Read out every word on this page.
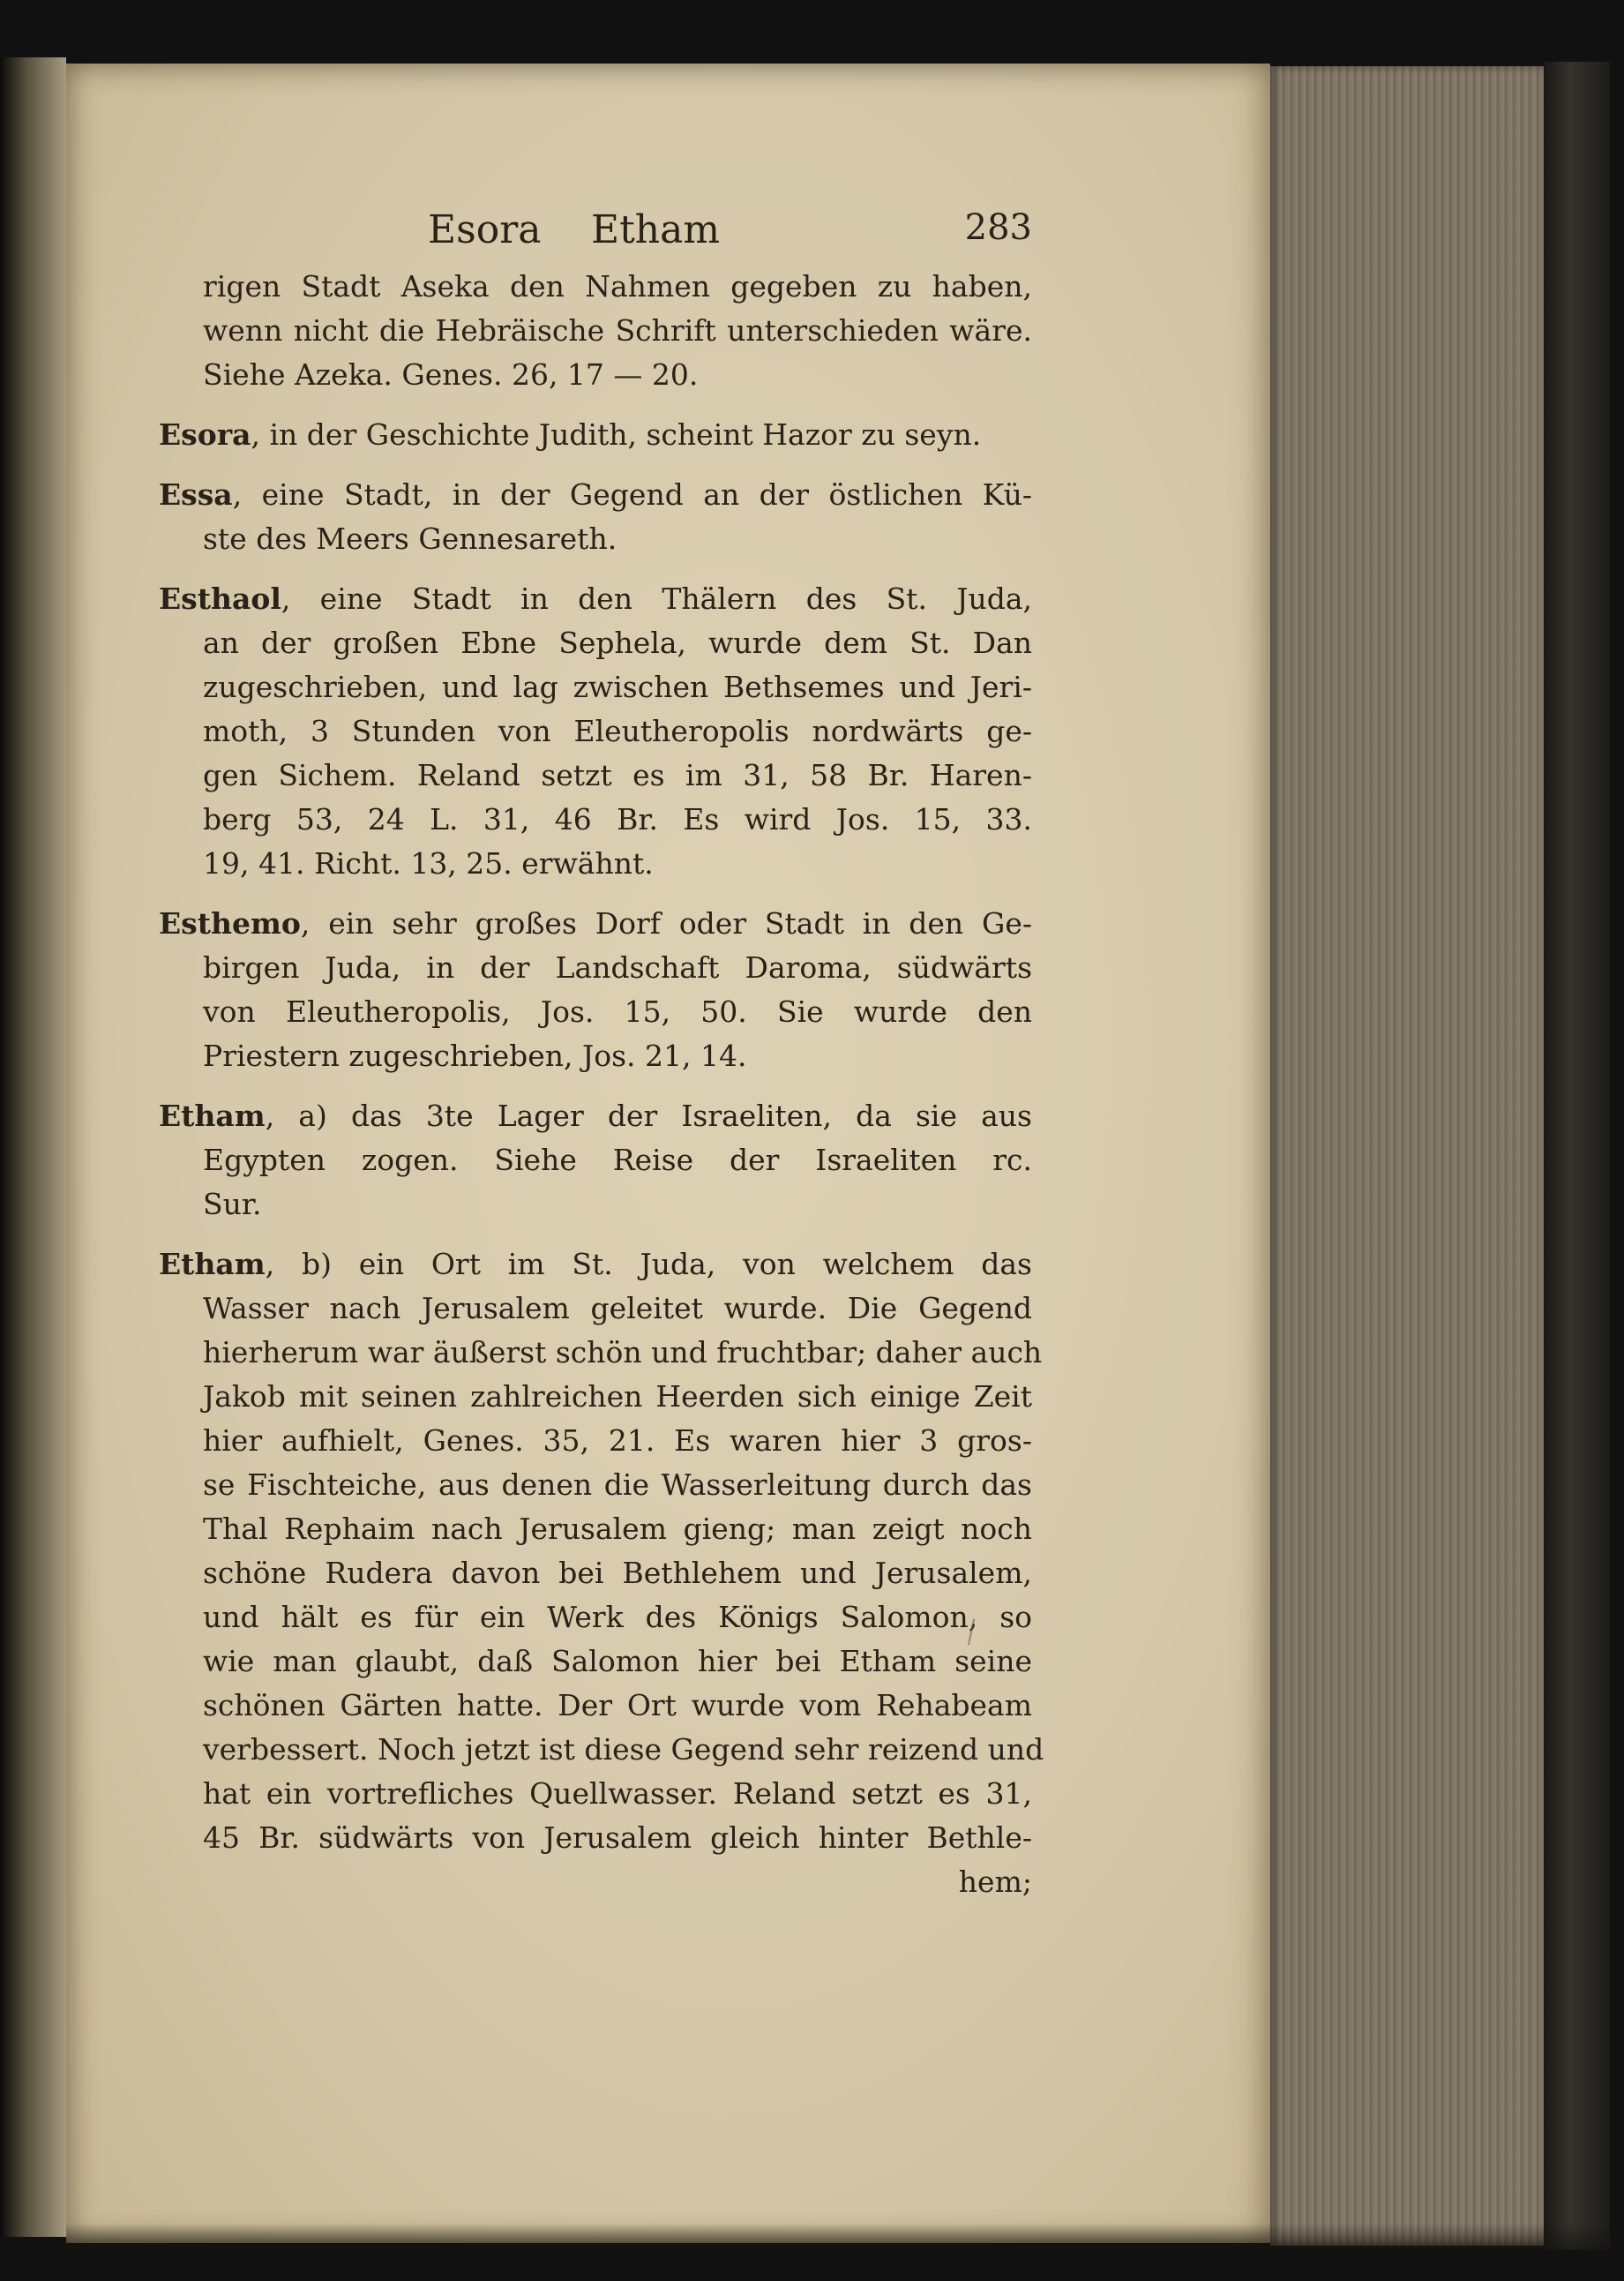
Esora Etham	283
rigen Stadt Aseka den Nahmen gegeben zu haben,
wenn nicht die Hebräische Schrift unterschieden wäre.
Siehe Azeka. Genes. 26, 17 — 20.
Esora, in der Geschichte Judith, scheint Hazor zu seyn.
Essa, eine Stadt, in der Gegend an der östlichen Kü-
ste des Meers Gennesareth.
Esthaol, eine Stadt in den Thälern des St. Juda,
an der großen Ebne Sephela, wurde dem St. Dan
zugeschrieben, und lag zwischen Bethsemes und Jeri-
moth, 3 Stunden von Eleutheropolis nordwärts ge-
gen Sichem. Reland setzt es im 31, 58 Br. Haren-
berg 53, 24 L. 31, 46 Br. Es wird Jos. 15, 33.
19, 41. Richt. 13, 25. erwähnt.
Esthemo, ein sehr großes Dorf oder Stadt in den Ge-
birgen Juda, in der Landschaft Daroma, südwärts
von Eleutheropolis, Jos. 15, 50. Sie wurde den
Priestern zugeschrieben, Jos. 21, 14.
Etham, a) das 3te Lager der Israeliten, da sie aus
Egypten zogen. Siehe Reise der Israeliten rc.
Sur.
Etham, b) ein Ort im St. Juda, von welchem das
Wasser nach Jerusalem geleitet wurde. Die Gegend
hierherum war äußerst schön und fruchtbar; daher auch
Jakob mit seinen zahlreichen Heerden sich einige Zeit
hier aufhielt, Genes. 35, 21. Es waren hier 3 gros-
se Fischteiche, aus denen die Wasserleitung durch das
Thal Rephaim nach Jerusalem gieng; man zeigt noch
schöne Rudera davon bei Bethlehem und Jerusalem,
und hält es für ein Werk des Königs Salomon, so
wie man glaubt, daß Salomon hier bei Etham seine
schönen Gärten hatte. Der Ort wurde vom Rehabeam
verbessert. Noch jetzt ist diese Gegend sehr reizend und
hat ein vortrefliches Quellwasser. Reland setzt es 31,
45 Br. südwärts von Jerusalem gleich hinter Bethle-
hem;
